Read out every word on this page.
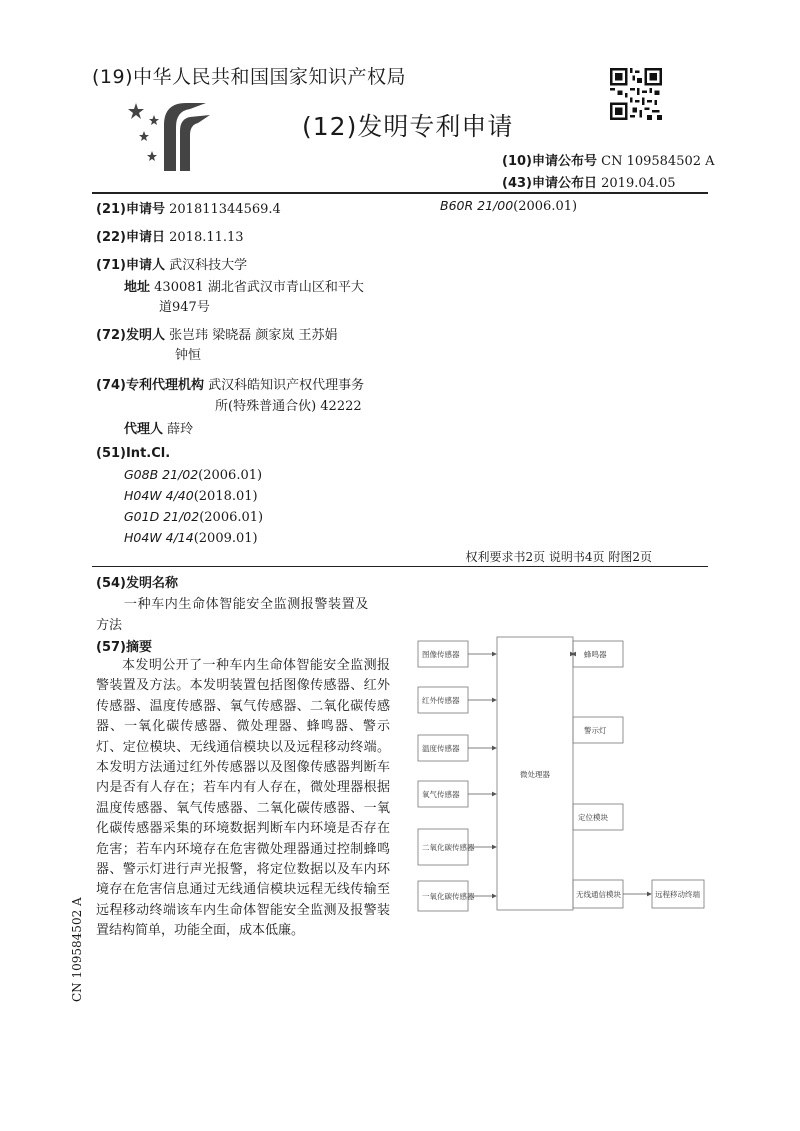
(19)中华人民共和国国家知识产权局
(12)发明专利申请
(10)申请公布号 CN 109584502 A
(43)申请公布日 2019.04.05
(21)申请号 201811344569.4	B60R 21/00(2006.01)
(22)申请日 2018.11.13
(71)申请人 武汉科技大学
地址 430081 湖北省武汉市青山区和平大
道947号
(72)发明人 张岂玮 梁晓磊 颜家岚 王苏娟
钟恒
(74)专利代理机构 武汉科皓知识产权代理事务
所(特殊普通合伙) 42222
代理人 薛玲
(51)Int.Cl.
G08B 21/02(2006.01)
H04W 4/40(2018.01)
G01D 21/02(2006.01)
H04W 4/14(2009.01)
权利要求书2页 说明书4页 附图2页
(54)发明名称
一种车内生命体智能安全监测报警装置及
方法
(57)摘要

本发明公开了一种车内生命体智能安全监测报警装置及方法。本发明装置包括图像传感器、红外传感器、温度传感器、氧气传感器、二氧化碳传感器、一氧化碳传感器、微处理器、蜂鸣器、警示灯、定位模块、无线通信模块以及远程移动终端。本发明方法通过红外传感器以及图像传感器判断车内是否有人存在；若车内有人存在，微处理器根据温度传感器、氧气传感器、二氧化碳传感器、一氧化碳传感器采集的环境数据判断车内环境是否存在危害；若车内环境存在危害微处理器通过控制蜂鸣器、警示灯进行声光报警，将定位数据以及车内环境存在危害信息通过无线通信模块远程无线传输至远程移动终端该车内生命体智能安全监测及报警装置结构简单，功能全面，成本低廉。

图像传感器
红外传感器
温度传感器
氧气传感器
二氧化碳传感器
一氧化碳传感器
微处理器
蜂鸣器
警示灯
定位模块
无线通信模块	远程移动终端
CN 109584502 A
